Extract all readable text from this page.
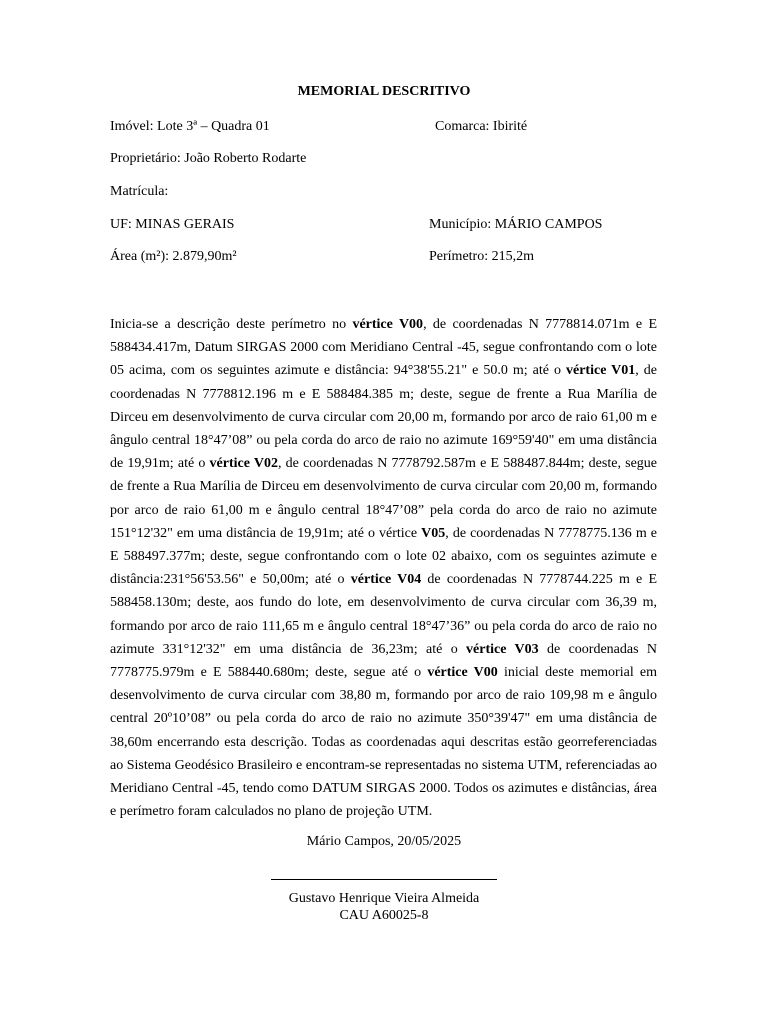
MEMORIAL DESCRITIVO
Imóvel: Lote 3ª – Quadra 01	Comarca: Ibirité
Proprietário: João Roberto Rodarte
Matrícula:
UF: MINAS GERAIS	Município: MÁRIO CAMPOS
Área (m²): 2.879,90m²	Perímetro: 215,2m
Inicia-se a descrição deste perímetro no vértice V00, de coordenadas N 7778814.071m e E 588434.417m, Datum SIRGAS 2000 com Meridiano Central -45, segue confrontando com o lote 05 acima, com os seguintes azimute e distância: 94°38'55.21" e 50.0 m; até o vértice V01, de coordenadas N 7778812.196 m e E 588484.385 m; deste, segue de frente a Rua Marília de Dirceu em desenvolvimento de curva circular com 20,00 m, formando por arco de raio 61,00 m e ângulo central 18°47’08” ou pela corda do arco de raio no azimute 169°59'40" em uma distância de 19,91m; até o vértice V02, de coordenadas N 7778792.587m e E 588487.844m; deste, segue de frente a Rua Marília de Dirceu em desenvolvimento de curva circular com 20,00 m, formando por arco de raio 61,00 m e ângulo central 18°47’08” pela corda do arco de raio no azimute 151°12'32" em uma distância de 19,91m; até o vértice V05, de coordenadas N 7778775.136 m e E 588497.377m; deste, segue confrontando com o lote 02 abaixo, com os seguintes azimute e distância:231°56'53.56" e 50,00m; até o vértice V04 de coordenadas N 7778744.225 m e E 588458.130m; deste, aos fundo do lote, em desenvolvimento de curva circular com 36,39 m, formando por arco de raio 111,65 m e ângulo central 18°47’36” ou pela corda do arco de raio no azimute 331°12'32" em uma distância de 36,23m; até o vértice V03 de coordenadas N 7778775.979m e E 588440.680m; deste, segue até o vértice V00 inicial deste memorial em desenvolvimento de curva circular com 38,80 m, formando por arco de raio 109,98 m e ângulo central 20º10’08” ou pela corda do arco de raio no azimute 350°39'47" em uma distância de 38,60m encerrando esta descrição. Todas as coordenadas aqui descritas estão georreferenciadas ao Sistema Geodésico Brasileiro e encontram-se representadas no sistema UTM, referenciadas ao Meridiano Central -45, tendo como DATUM SIRGAS 2000. Todos os azimutes e distâncias, área e perímetro foram calculados no plano de projeção UTM.
Mário Campos, 20/05/2025
Gustavo Henrique Vieira Almeida
CAU A60025-8
